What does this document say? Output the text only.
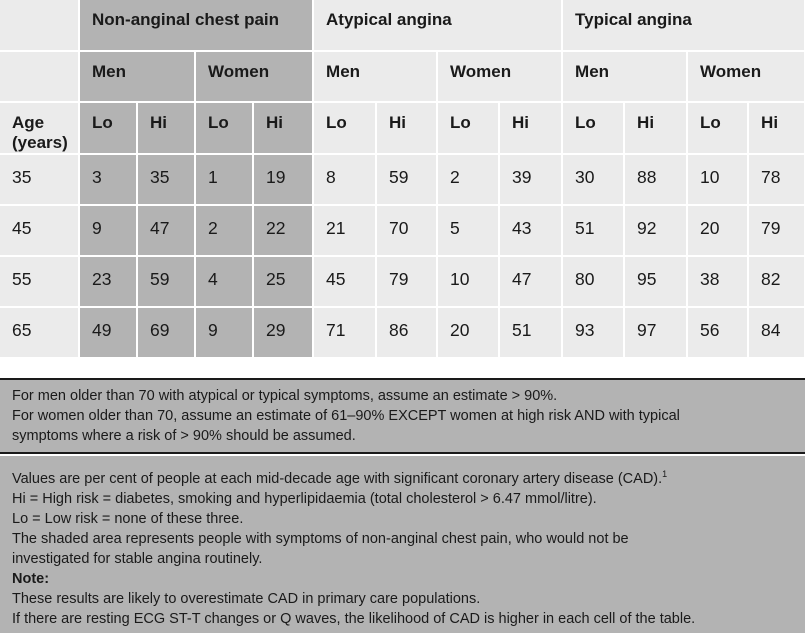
	Non-anginal chest pain				Atypical angina				Typical angina			
	Men		Women		Men		Women		Men		Women	
Age (years)	Lo	Hi	Lo	Hi	Lo	Hi	Lo	Hi	Lo	Hi	Lo	Hi
35	3	35	1	19	8	59	2	39	30	88	10	78
45	9	47	2	22	21	70	5	43	51	92	20	79
55	23	59	4	25	45	79	10	47	80	95	38	82
65	49	69	9	29	71	86	20	51	93	97	56	84
For men older than 70 with atypical or typical symptoms, assume an estimate > 90%.
For women older than 70, assume an estimate of 61–90% EXCEPT women at high risk AND with typical
symptoms where a risk of > 90% should be assumed.
Values are per cent of people at each mid-decade age with significant coronary artery disease (CAD).$^1$
Hi = High risk = diabetes, smoking and hyperlipidaemia (total cholesterol > 6.47 mmol/litre).
Lo = Low risk = none of these three.
The shaded area represents people with symptoms of non-anginal chest pain, who would not be
investigated for stable angina routinely.
Note:
These results are likely to overestimate CAD in primary care populations.
If there are resting ECG ST-T changes or Q waves, the likelihood of CAD is higher in each cell of the table.
